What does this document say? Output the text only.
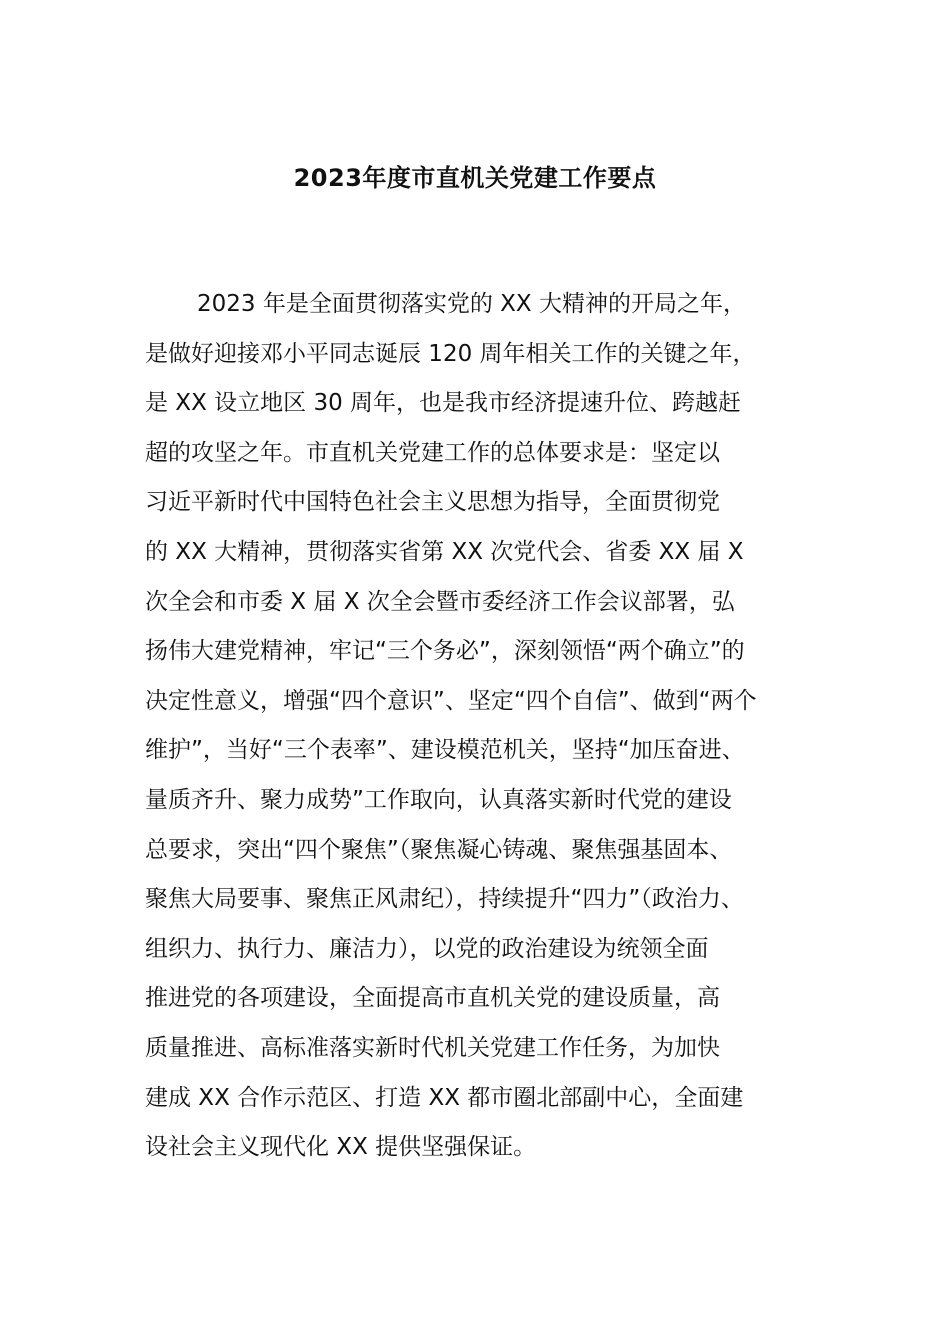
2023年度市直机关党建工作要点
2023 年是全面贯彻落实党的 XX 大精神的开局之年，
是做好迎接邓小平同志诞辰 120 周年相关工作的关键之年，
是 XX 设立地区 30 周年，也是我市经济提速升位、跨越赶
超的攻坚之年。市直机关党建工作的总体要求是：坚定以
习近平新时代中国特色社会主义思想为指导，全面贯彻党
的 XX 大精神，贯彻落实省第 XX 次党代会、省委 XX 届 X
次全会和市委 X 届 X 次全会暨市委经济工作会议部署，弘
扬伟大建党精神，牢记“三个务必”，深刻领悟“两个确立”的
决定性意义，增强“四个意识”、坚定“四个自信”、做到“两个
维护”，当好“三个表率”、建设模范机关，坚持“加压奋进、
量质齐升、聚力成势”工作取向，认真落实新时代党的建设
总要求，突出“四个聚焦”（聚焦凝心铸魂、聚焦强基固本、
聚焦大局要事、聚焦正风肃纪），持续提升“四力”（政治力、
组织力、执行力、廉洁力），以党的政治建设为统领全面
推进党的各项建设，全面提高市直机关党的建设质量，高
质量推进、高标准落实新时代机关党建工作任务，为加快
建成 XX 合作示范区、打造 XX 都市圈北部副中心，全面建
设社会主义现代化 XX 提供坚强保证。
